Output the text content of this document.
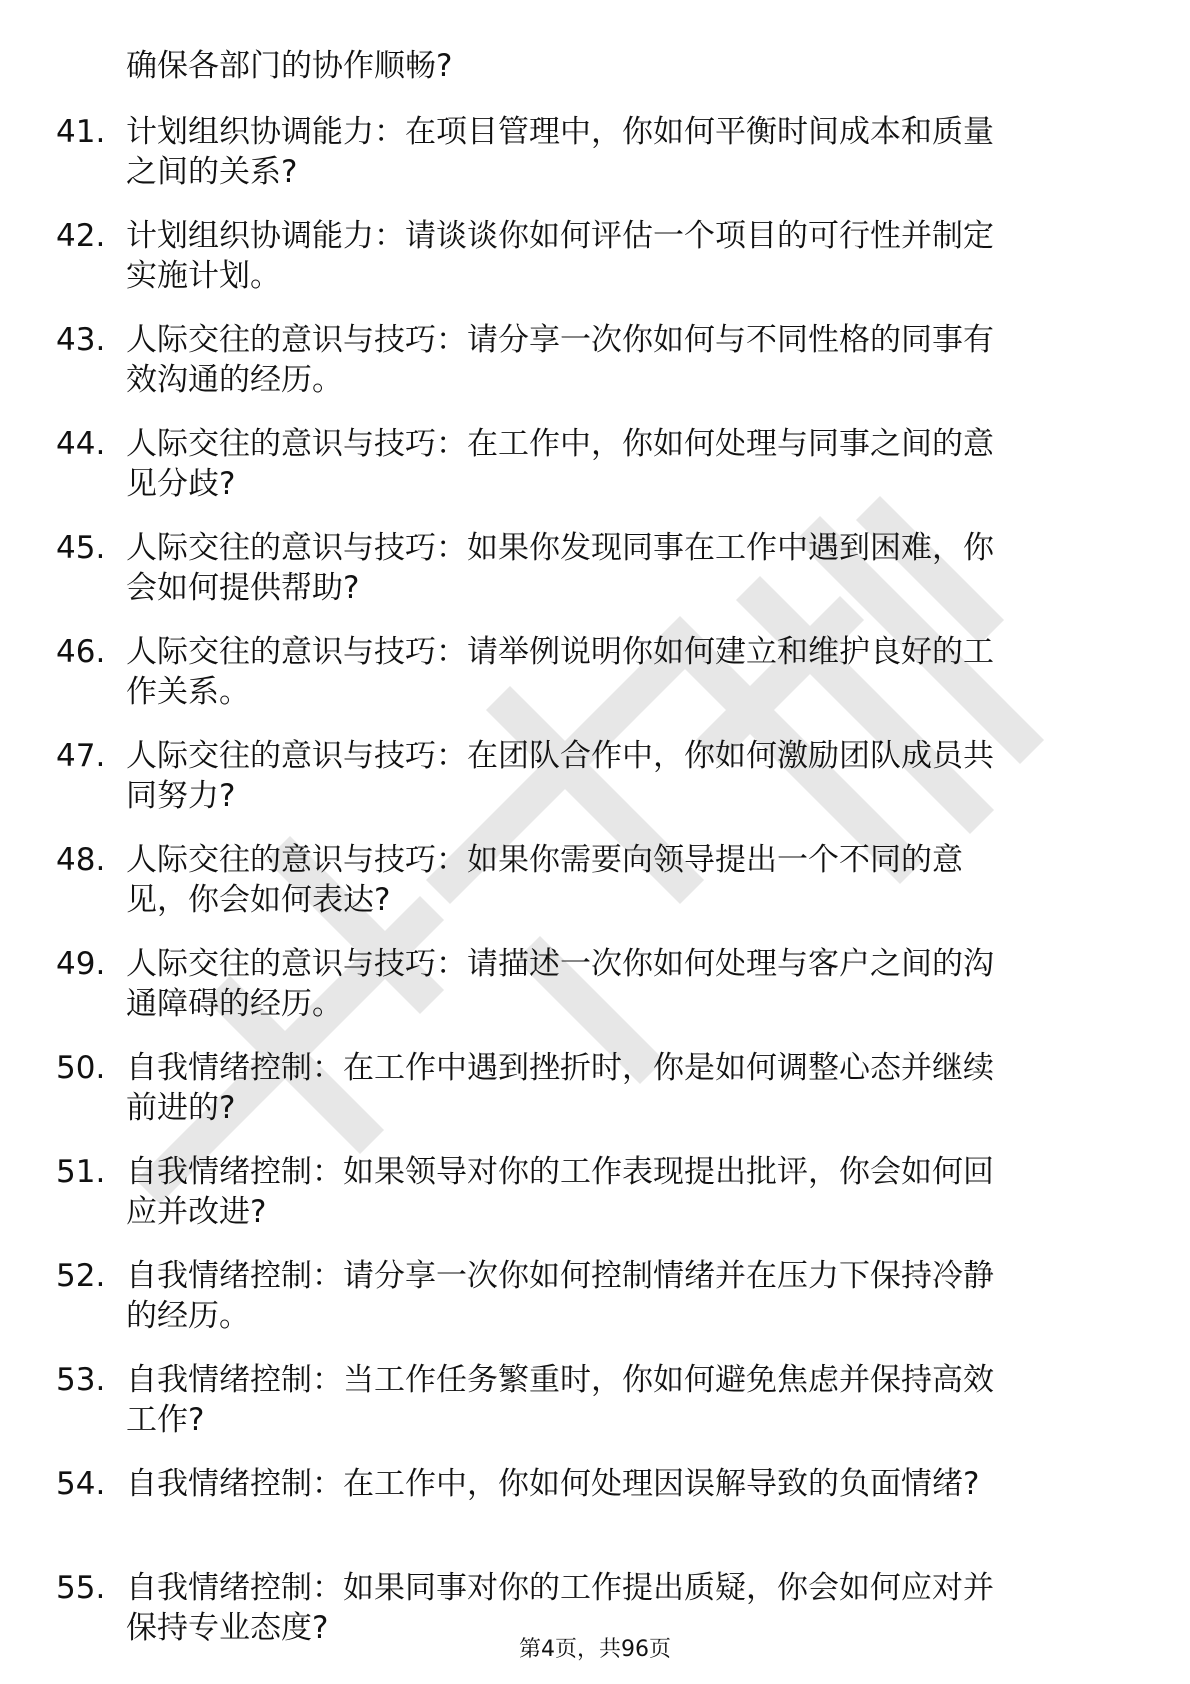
确保各部门的协作顺畅?
41. 计划组织协调能力：在项目管理中，你如何平衡时间成本和质量
之间的关系?
42. 计划组织协调能力：请谈谈你如何评估一个项目的可行性并制定
实施计划。
43. 人际交往的意识与技巧：请分享一次你如何与不同性格的同事有
效沟通的经历。
44. 人际交往的意识与技巧：在工作中，你如何处理与同事之间的意
见分歧?
45. 人际交往的意识与技巧：如果你发现同事在工作中遇到困难，你
会如何提供帮助?
46. 人际交往的意识与技巧：请举例说明你如何建立和维护良好的工
作关系。
47. 人际交往的意识与技巧：在团队合作中，你如何激励团队成员共
同努力?
48. 人际交往的意识与技巧：如果你需要向领导提出一个不同的意
见，你会如何表达?
49. 人际交往的意识与技巧：请描述一次你如何处理与客户之间的沟
通障碍的经历。
50. 自我情绪控制：在工作中遇到挫折时，你是如何调整心态并继续
前进的?
51. 自我情绪控制：如果领导对你的工作表现提出批评，你会如何回
应并改进?
52. 自我情绪控制：请分享一次你如何控制情绪并在压力下保持冷静
的经历。
53. 自我情绪控制：当工作任务繁重时，你如何避免焦虑并保持高效
工作?
54. 自我情绪控制：在工作中，你如何处理因误解导致的负面情绪?
55. 自我情绪控制：如果同事对你的工作提出质疑，你会如何应对并
保持专业态度?
第4页，共96页
